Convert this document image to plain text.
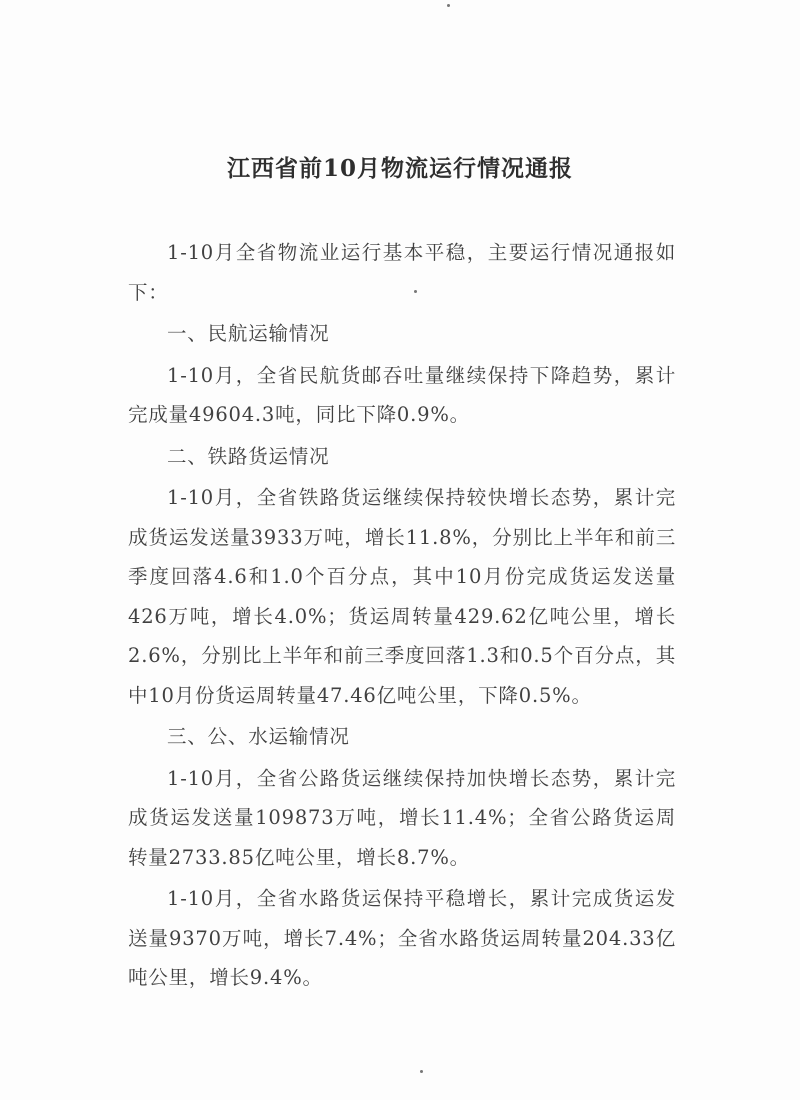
江西省前10月物流运行情况通报

1-10月全省物流业运行基本平稳，主要运行情况通报如下：

一、民航运输情况

1-10月，全省民航货邮吞吐量继续保持下降趋势，累计完成量49604.3吨，同比下降0.9%。

二、铁路货运情况

1-10月，全省铁路货运继续保持较快增长态势，累计完成货运发送量3933万吨，增长11.8%，分别比上半年和前三季度回落4.6和1.0个百分点，其中10月份完成货运发送量426万吨，增长4.0%；货运周转量429.62亿吨公里，增长2.6%，分别比上半年和前三季度回落1.3和0.5个百分点，其中10月份货运周转量47.46亿吨公里，下降0.5%。

三、公、水运输情况

1-10月，全省公路货运继续保持加快增长态势，累计完成货运发送量109873万吨，增长11.4%；全省公路货运周转量2733.85亿吨公里，增长8.7%。

1-10月，全省水路货运保持平稳增长，累计完成货运发送量9370万吨，增长7.4%；全省水路货运周转量204.33亿吨公里，增长9.4%。
